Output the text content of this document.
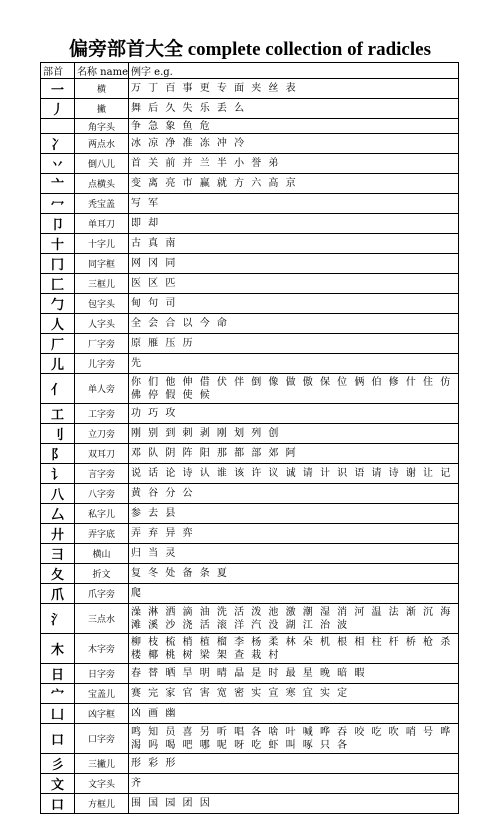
偏旁部首大全 complete collection of radicles
部首	名称 name	例字 e.g.
一	横	万 丁 百 事 更 专 面 夹 丝 表
丿	撇	舞 后 久 失 乐 丢 么
	角字头	争 急 象 鱼 危
冫	两点水	冰 凉 净 准 冻 冲 冷
丷	倒八儿	首 关 前 并 兰 半 小 誉 弟
亠	点横头	变 离 亮 市 赢 就 方 六 高 京
冖	秃宝盖	写 军
卩	单耳刀	即 却
十	十字儿	古 真 南
冂	同字框	网 冈 同
匚	三框儿	医 区 匹
勹	包字头	甸 句 司
人	人字头	全 会 合 以 今 命
厂	厂字旁	原 雁 压 历
儿	儿字旁	先
亻	单人旁	你 们 他 伸 借 伏 伴 倒 像 做 傲 保 位 俩 伯 修 什 住 仿 佛 停 假 使 候
工	工字旁	功 巧 攻
刂	立刀旁	刚 别 到 刺 剥 刚 划 列 创
阝	双耳刀	邓 队 阴 阵 阳 那 都 部 郊 阿
讠	言字旁	说 话 论 诗 认 谁 该 许 议 诚 请 计 识 语 请 诗 谢 让 记
八	八字旁	黄 谷 分 公
厶	私字儿	参 去 县
廾	弄字底	弄 弃 异 弈
彐	横山	归 当 灵
夂	折文	复 冬 处 备 条 夏
爪	爪字旁	爬
氵	三点水	澡 淋 洒 滴 油 洗 活 泼 池 激 潮 湿 消 河 温 法 渐 沉 海 滩 溪 沙 浇 活 滚 洋 汽 没 湖 江 治 波
木	木字旁	柳 枝 梳 梢 植 榴 李 杨 柔 林 朵 机 根 相 柱 杆 桥 枪 杀 楼 椰 桃 树 梁 架 查 栽 村
日	日字旁	春 替 晒 旱 明 晴 晶 是 时 最 星 晚 暗 暇
宀	宝盖儿	赛 完 家 官 害 宽 密 实 宣 寒 宜 实 定
凵	凶字框	凶 画 幽
口	口字旁	鸣 知 员 喜 另 听 唱 各 啥 叶 喊 哗 吞 咬 吃 吹 哨 号 哗 渴 吗 喝 吧 哪 呢 呀 吃 虾 叫 啄 只 各
彡	三撇儿	形 彩 形
文	文字头	齐
口	方框儿	围 国 园 团 因
